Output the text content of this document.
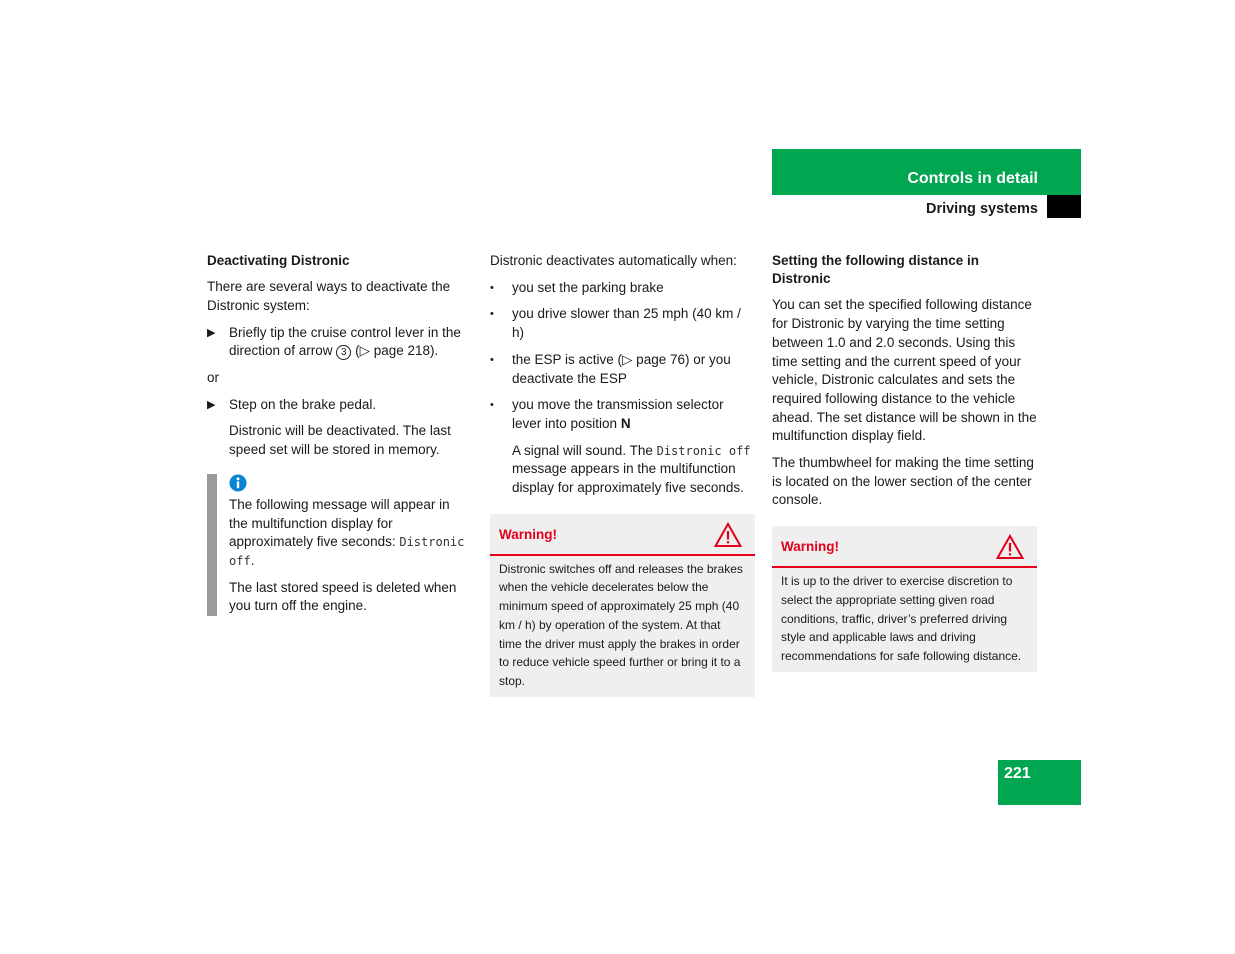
Controls in detail
Driving systems
Deactivating Distronic

There are several ways to deactivate the Distronic system:

▶ Briefly tip the cruise control lever in the direction of arrow 3 (▷ page 218).

or

▶ Step on the brake pedal.

Distronic will be deactivated. The last speed set will be stored in memory.

The following message will appear in the multifunction display for approximately five seconds: Distronic off.

The last stored speed is deleted when you turn off the engine.

Distronic deactivates automatically when:

• you set the parking brake
• you drive slower than 25 mph (40 km / h)
• the ESP is active (▷ page 76) or you deactivate the ESP
• you move the transmission selector lever into position N

A signal will sound. The Distronic off message appears in the multifunction display for approximately five seconds.

Warning!
Distronic switches off and releases the brakes when the vehicle decelerates below the minimum speed of approximately 25 mph (40 km / h) by operation of the system. At that time the driver must apply the brakes in order to reduce vehicle speed further or bring it to a stop.
Setting the following distance in Distronic

You can set the specified following distance for Distronic by varying the time setting between 1.0 and 2.0 seconds. Using this time setting and the current speed of your vehicle, Distronic calculates and sets the required following distance to the vehicle ahead. The set distance will be shown in the multifunction display field.

The thumbwheel for making the time setting is located on the lower section of the center console.

Warning!
It is up to the driver to exercise discretion to select the appropriate setting given road conditions, traffic, driver’s preferred driving style and applicable laws and driving recommendations for safe following distance.
221
